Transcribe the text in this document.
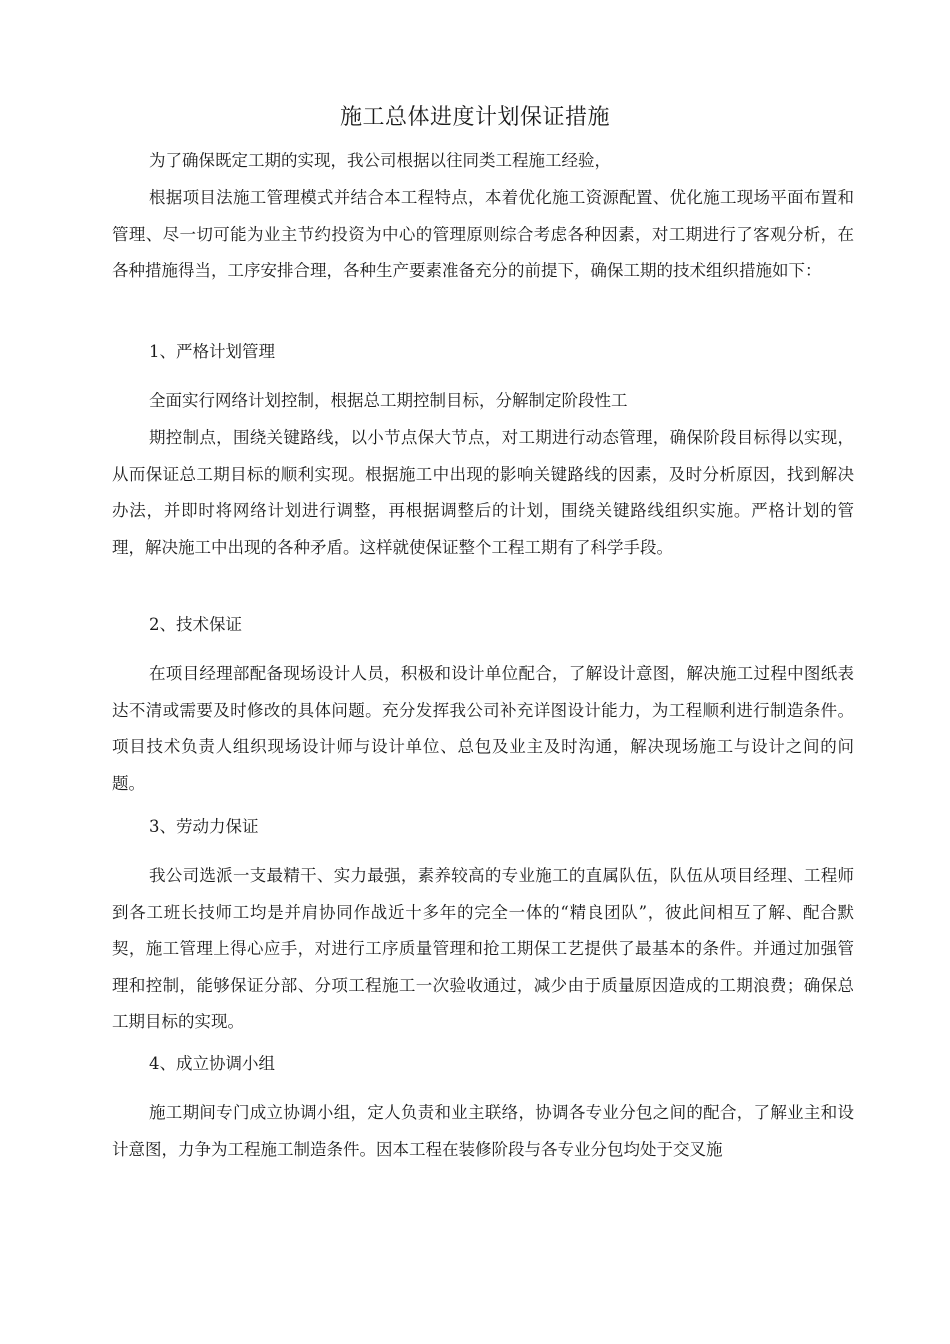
施工总体进度计划保证措施

为了确保既定工期的实现，我公司根据以往同类工程施工经验，

根据项目法施工管理模式并结合本工程特点，本着优化施工资源配置、优化施工现场平面布置和管理、尽一切可能为业主节约投资为中心的管理原则综合考虑各种因素，对工期进行了客观分析，在各种措施得当，工序安排合理，各种生产要素准备充分的前提下，确保工期的技术组织措施如下：

1、严格计划管理

全面实行网络计划控制，根据总工期控制目标，分解制定阶段性工

期控制点，围绕关键路线，以小节点保大节点，对工期进行动态管理，确保阶段目标得以实现，从而保证总工期目标的顺利实现。根据施工中出现的影响关键路线的因素，及时分析原因，找到解决办法，并即时将网络计划进行调整，再根据调整后的计划，围绕关键路线组织实施。严格计划的管理，解决施工中出现的各种矛盾。这样就使保证整个工程工期有了科学手段。

2、技术保证

在项目经理部配备现场设计人员，积极和设计单位配合，了解设计意图，解决施工过程中图纸表达不清或需要及时修改的具体问题。充分发挥我公司补充详图设计能力，为工程顺利进行制造条件。项目技术负责人组织现场设计师与设计单位、总包及业主及时沟通，解决现场施工与设计之间的问题。

3、劳动力保证

我公司选派一支最精干、实力最强，素养较高的专业施工的直属队伍，队伍从项目经理、工程师到各工班长技师工均是并肩协同作战近十多年的完全一体的“精良团队”，彼此间相互了解、配合默契，施工管理上得心应手，对进行工序质量管理和抢工期保工艺提供了最基本的条件。并通过加强管理和控制，能够保证分部、分项工程施工一次验收通过，减少由于质量原因造成的工期浪费；确保总工期目标的实现。

4、成立协调小组

施工期间专门成立协调小组，定人负责和业主联络，协调各专业分包之间的配合，了解业主和设计意图，力争为工程施工制造条件。因本工程在装修阶段与各专业分包均处于交叉施
